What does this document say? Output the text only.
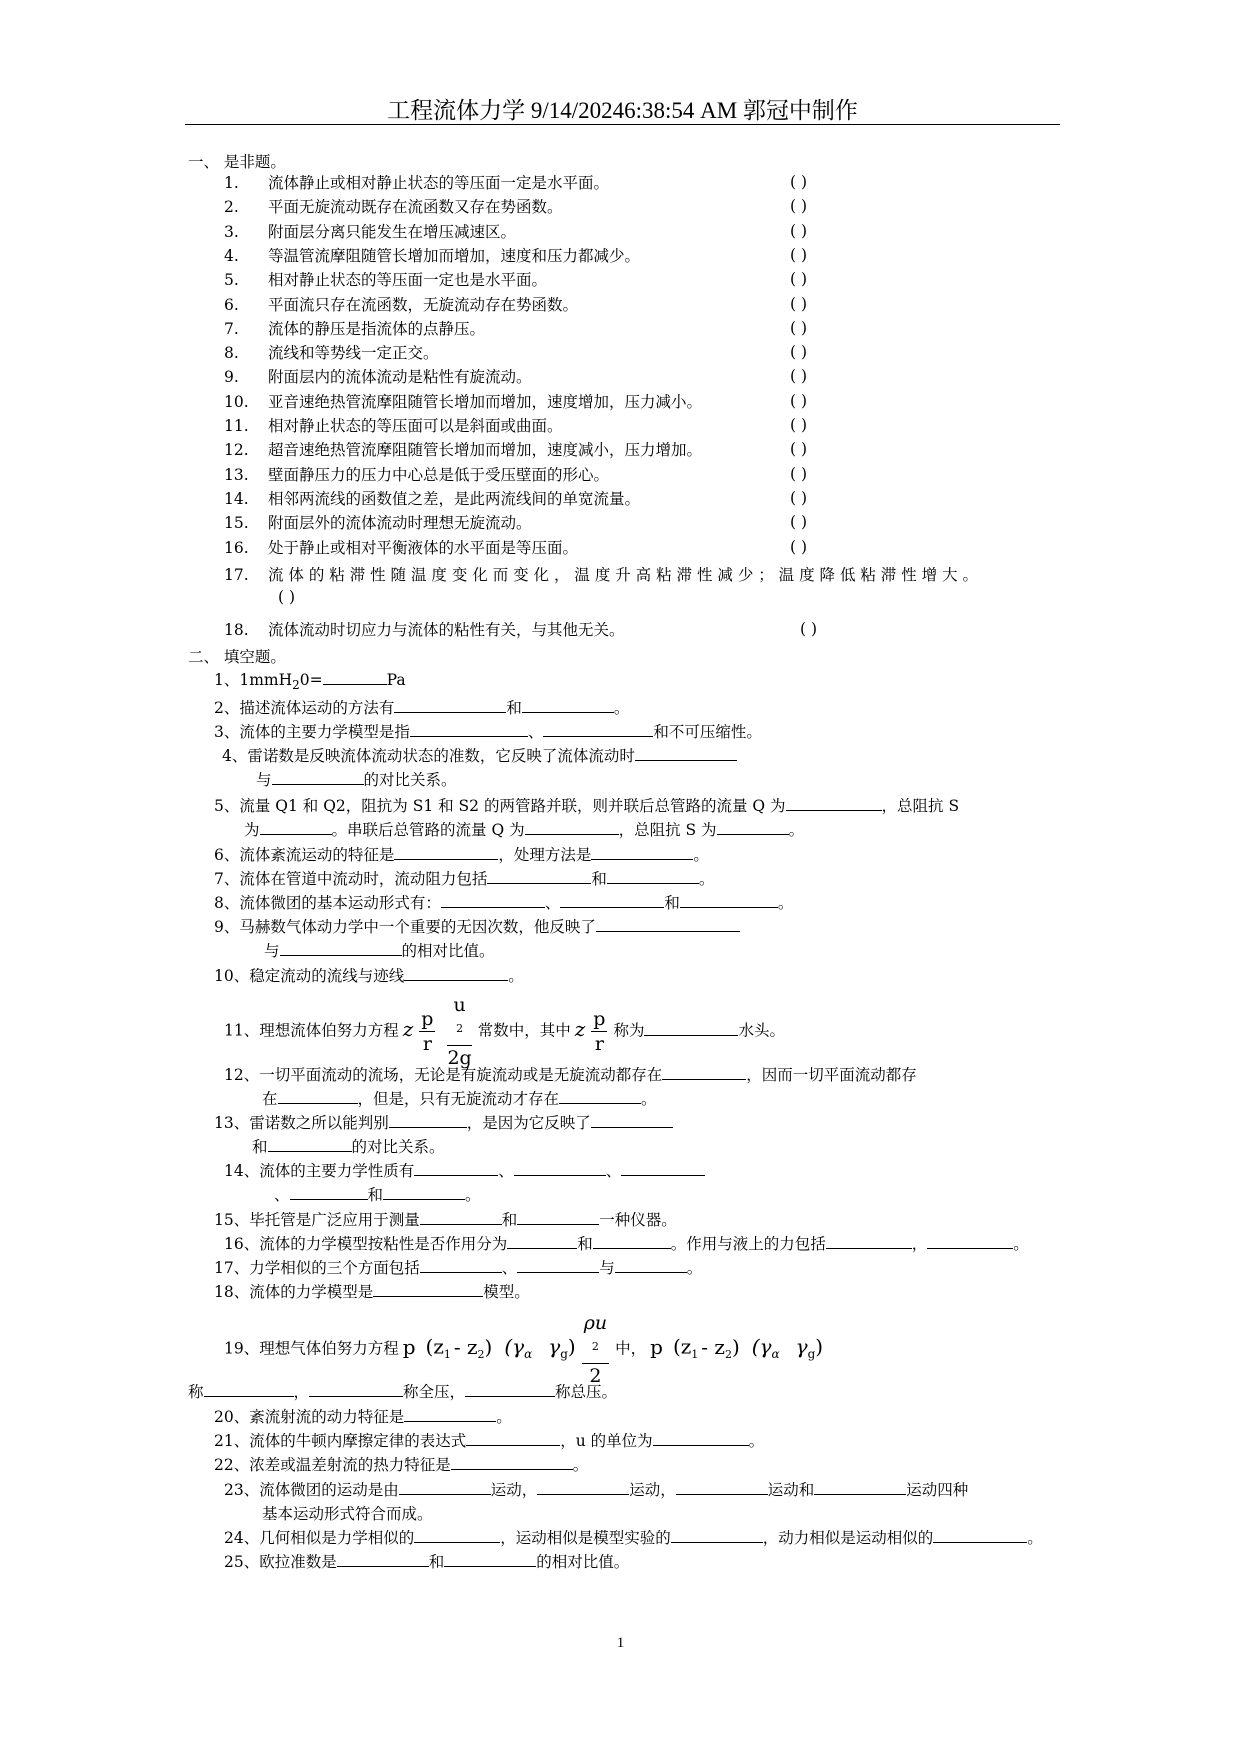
工程流体力学 9/14/20246:38:54 AM 郭冠中制作
一、 是非题。
1. 流体静止或相对静止状态的等压面一定是水平面。	( )
2. 平面无旋流动既存在流函数又存在势函数。	( )
3. 附面层分离只能发生在增压减速区。	( )
4. 等温管流摩阻随管长增加而增加，速度和压力都减少。	( )
5. 相对静止状态的等压面一定也是水平面。	( )
6. 平面流只存在流函数，无旋流动存在势函数。	( )
7. 流体的静压是指流体的点静压。	( )
8. 流线和等势线一定正交。	( )
9. 附面层内的流体流动是粘性有旋流动。	( )
10. 亚音速绝热管流摩阻随管长增加而增加，速度增加，压力减小。	( )
11. 相对静止状态的等压面可以是斜面或曲面。	( )
12. 超音速绝热管流摩阻随管长增加而增加，速度减小，压力增加。	( )
13. 壁面静压力的压力中心总是低于受压壁面的形心。	( )
14. 相邻两流线的函数值之差，是此两流线间的单宽流量。	( )
15. 附面层外的流体流动时理想无旋流动。	( )
16. 处于静止或相对平衡液体的水平面是等压面。	( )
17. 流 体 的 粘 滞 性 随 温 度 变 化 而 变 化 ， 温 度 升 高 粘 滞 性 减 少 ； 温 度 降 低 粘 滞 性 增 大 。
( )
18. 流体流动时切应力与流体的粘性有关，与其他无关。	( )
二、 填空题。
1、1mmH$_2$0=	Pa
2、描述流体运动的方法有	和	。
3、流体的主要力学模型是指	、	和不可压缩性。
4、雷诺数是反映流体流动状态的准数，它反映了流体流动时
与	的对比关系。
5、流量 Q1 和 Q2，阻抗为 S1 和 S2 的两管路并联，则并联后总管路的流量 Q 为	，总阻抗 S
为	。串联后总管路的流量 Q 为	，总阻抗 S 为	。
6、流体紊流运动的特征是	，处理方法是	。
7、流体在管道中流动时，流动阻力包括	和	。
8、流体微团的基本运动形式有：	、	和	。
9、马赫数气体动力学中一个重要的无因次数，他反映了
与	的相对比值。
10、稳定流动的流线与迹线	。
11、理想流体伯努力方程 z $\frac{p}{r}$ u
$^2$
2g 常数中，其中 z $\frac{p}{r}$ 称为	水头。
12、一切平面流动的流场，无论是有旋流动或是无旋流动都存在	，因而一切平面流动都存
在	，但是，只有无旋流动才存在	。
13、雷诺数之所以能判别	，是因为它反映了
和	的对比关系。
14、流体的主要力学性质有	、	、
、	和	。
15、毕托管是广泛应用于测量	和	一种仪器。
16、流体的力学模型按粘性是否作用分为	和	。作用与液上的力包括	，	。
17、力学相似的三个方面包括	、	与	。
18、流体的力学模型是	模型。
19、理想气体伯努力方程 p $(z_1 - z_2)$ ($\gamma_\alpha$ $\gamma_g$) ρu
$^2$
2 中， p $(z_1 - z_2)$ ($\gamma_\alpha$ $\gamma_g$)
称	，	称全压，	称总压。
20、紊流射流的动力特征是	。
21、流体的牛顿内摩擦定律的表达式	，u 的单位为	。
22、浓差或温差射流的热力特征是	。
23、流体微团的运动是由	运动，	运动，	运动和	运动四种
基本运动形式符合而成。
24、几何相似是力学相似的	，运动相似是模型实验的	，动力相似是运动相似的	。
25、欧拉准数是	和	的相对比值。
1
